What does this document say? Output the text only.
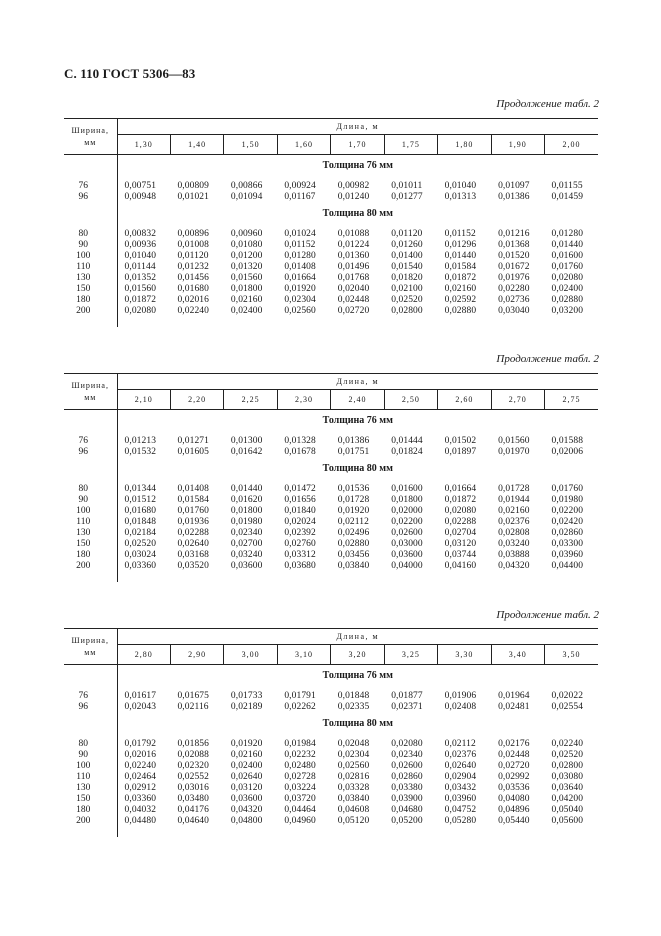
С. 110 ГОСТ 5306—83
Продолжение табл. 2
Ширина, мм	Длина, м								
	1,30	1,40	1,50	1,60	1,70	1,75	1,80	1,90	2,00
	Толщина 76 мм								

76	0,00751	0,00809	0,00866	0,00924	0,00982	0,01011	0,01040	0,01097	0,01155
96	0,00948	0,01021	0,01094	0,01167	0,01240	0,01277	0,01313	0,01386	0,01459
	Толщина 80 мм								

80	0,00832	0,00896	0,00960	0,01024	0,01088	0,01120	0,01152	0,01216	0,01280
90	0,00936	0,01008	0,01080	0,01152	0,01224	0,01260	0,01296	0,01368	0,01440
100	0,01040	0,01120	0,01200	0,01280	0,01360	0,01400	0,01440	0,01520	0,01600
110	0,01144	0,01232	0,01320	0,01408	0,01496	0,01540	0,01584	0,01672	0,01760
130	0,01352	0,01456	0,01560	0,01664	0,01768	0,01820	0,01872	0,01976	0,02080
150	0,01560	0,01680	0,01800	0,01920	0,02040	0,02100	0,02160	0,02280	0,02400
180	0,01872	0,02016	0,02160	0,02304	0,02448	0,02520	0,02592	0,02736	0,02880
200	0,02080	0,02240	0,02400	0,02560	0,02720	0,02800	0,02880	0,03040	0,03200

Продолжение табл. 2
Ширина, мм	Длина, м								
	2,10	2,20	2,25	2,30	2,40	2,50	2,60	2,70	2,75
	Толщина 76 мм								

76	0,01213	0,01271	0,01300	0,01328	0,01386	0,01444	0,01502	0,01560	0,01588
96	0,01532	0,01605	0,01642	0,01678	0,01751	0,01824	0,01897	0,01970	0,02006
	Толщина 80 мм								

80	0,01344	0,01408	0,01440	0,01472	0,01536	0,01600	0,01664	0,01728	0,01760
90	0,01512	0,01584	0,01620	0,01656	0,01728	0,01800	0,01872	0,01944	0,01980
100	0,01680	0,01760	0,01800	0,01840	0,01920	0,02000	0,02080	0,02160	0,02200
110	0,01848	0,01936	0,01980	0,02024	0,02112	0,02200	0,02288	0,02376	0,02420
130	0,02184	0,02288	0,02340	0,02392	0,02496	0,02600	0,02704	0,02808	0,02860
150	0,02520	0,02640	0,02700	0,02760	0,02880	0,03000	0,03120	0,03240	0,03300
180	0,03024	0,03168	0,03240	0,03312	0,03456	0,03600	0,03744	0,03888	0,03960
200	0,03360	0,03520	0,03600	0,03680	0,03840	0,04000	0,04160	0,04320	0,04400

Продолжение табл. 2
Ширина, мм	Длина, м								
	2,80	2,90	3,00	3,10	3,20	3,25	3,30	3,40	3,50
	Толщина 76 мм								

76	0,01617	0,01675	0,01733	0,01791	0,01848	0,01877	0,01906	0,01964	0,02022
96	0,02043	0,02116	0,02189	0,02262	0,02335	0,02371	0,02408	0,02481	0,02554
	Толщина 80 мм								

80	0,01792	0,01856	0,01920	0,01984	0,02048	0,02080	0,02112	0,02176	0,02240
90	0,02016	0,02088	0,02160	0,02232	0,02304	0,02340	0,02376	0,02448	0,02520
100	0,02240	0,02320	0,02400	0,02480	0,02560	0,02600	0,02640	0,02720	0,02800
110	0,02464	0,02552	0,02640	0,02728	0,02816	0,02860	0,02904	0,02992	0,03080
130	0,02912	0,03016	0,03120	0,03224	0,03328	0,03380	0,03432	0,03536	0,03640
150	0,03360	0,03480	0,03600	0,03720	0,03840	0,03900	0,03960	0,04080	0,04200
180	0,04032	0,04176	0,04320	0,04464	0,04608	0,04680	0,04752	0,04896	0,05040
200	0,04480	0,04640	0,04800	0,04960	0,05120	0,05200	0,05280	0,05440	0,05600
